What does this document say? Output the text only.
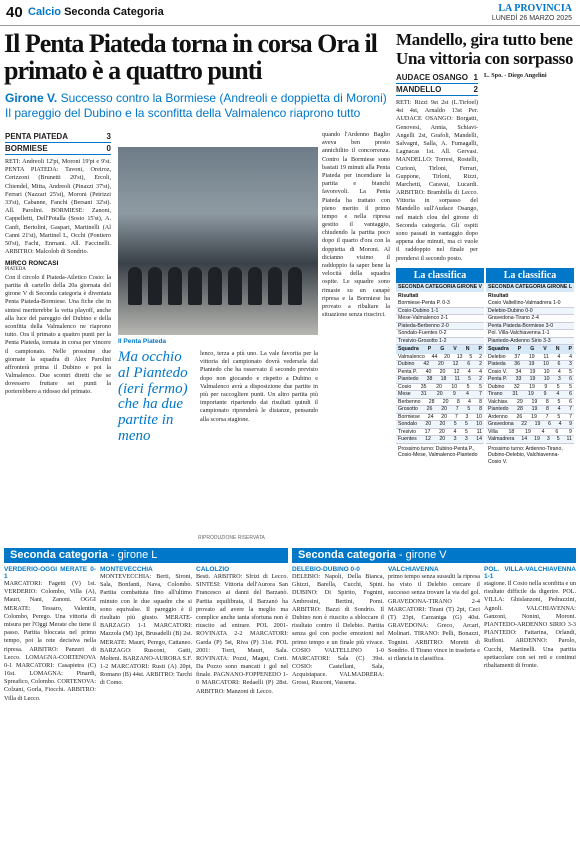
40 Calcio Seconda Categoria	LA PROVINCIA
LUNEDÌ 26 MARZO 2025
Il Penta Piateda torna in corsa Ora il primato è a quattro punti
Girone V. Successo contro la Bormiese (Andreoli e doppietta di Moroni) Il pareggio del Dubino e la sconfitta della Valmalenco riaprono tutto
PENTA PIATEDA	3
BORMIESE	0

RETI: Andreoli 12'pt, Moroni 19'pt e 9'st. PENTA PIATEDA: Tavoni, Oreiroz, Cerizzoni (Brunetti 20'st), Ercoli, Chiendel, Mitta, Andreoli (Pinazzi 37'st), Ferrari (Nazzari 25'st), Moroni (Petrizzi 33'st), Cabanne, Fanchi (Bersani 32'st). All. Parolini. BORMIESE: Zanoni, Cappelletti, Dell'Potalla (Sosio 15'st), A. Canfi, Bertolini, Gaspari, Martinelli (Al Canni 21'st), Martinel L, Occhi (Pontiero 50'st), Fachi, Enrnani. All. Faccinelli. ARBITRO: Malcolob di Sondrio.

MIRCO RONCASI

PIATEDA

Con il circolo il Piateda-Atletico Cosio: la partita di cartello della 20a giornata del girone V di Seconda categoria è diventata Penta Piateda-Bormiese. Una fiche che in sintesi meriterebbe la vetta playoff, anche alla luce del pareggio del Dubino e della sconfitta della Valmalenco ne riaprono tutto. Ora il primato a quattro punti per la Penta Piateda, tornata in corsa per vincere il campionato. Nelle prossime due giornate la squadra di Alex Parolini affronterà prima il Dubino e poi la Valmalenco. Due scontri diretti che se dovessero fruttare sei punti la porterebbero a ridosso del primato.

Il Penta Piateda
Ma occhio al Piantedo (ieri fermo) che ha due partite in meno
lenco, terza a più uno. La vale favorita per la vittoria del campionato dovrà vedersela dal Piantedo che ha osservato il secondo previsto dopo non giocando e rispetto a Dubino e Valmalenco avrà a disposizione due partite in più per raccogliere punti. Un altro partita più importante ripartendo dai risultati quindi il campionato riprenderà le distanze, pensando alla scorsa stagione.
RIPRODUZIONE RISERVATA
quando l'Ardenno Baglio aveva ben presto annichilito il concorrenza. Contro la Bormiese sono bastati 19 minuti alla Penta Piateda per incendiare la partita e bianchi favorevoli. La Penta Piateda ha trattato con pieno merito il primo tempo e nella ripresa gestito il vantaggio, chiudendo la partita poco dopo il quarto d'ora con la doppietta di Moroni. Al dicianno visimo il raddoppio fa saper bene la velocità della squadra ospite. Le squadre sono rimaste su un canapè ripresa e la Bormiese ha provato a ribaltare la situazione senza riuscirci.
Mandello, gira tutto bene Una vittoria con sorpasso
AUDACE OSANGO 1
MANDELLO	2

RETI: Rizzi 9st 2st (L.Tirfoel) 4st 4st, Arnaldo 13st Per. AUDACE OSANGO: Borgatti, Genovesi, Annia, Schiavi-Angelli 2st, Grafoli, Mandelli, Salvagni, Salla, A. Fumagalli, Lagnacas 1st. All. Gervasi. MANDELLO: Torresi, Rostelli, Curioni, Tirloni, Ferrari, Guppone, Tirloni, Rizzi, Marchetti, Caravai, Lucardi. ARBITRO: Brambilla di Lecco. Vittoria in sorpasso del Mandello sull'Audace Osango, nel match clou del girone di Seconda categoria. Gli ospiti sono passati in vantaggio dopo appena due minuti, ma ci vuole il raddoppio nel finale per prendersi il secondo posto.

L. Spo. - Diego Angelini

La classifica
SECONDA CATEGORIA GIRONE V
Risultati
Bormiese-Penta P. 0-3
Cosio-Dubino 1-1
Mese-Valmalenco 2-1
Piateda-Berbenno 2-0
Sondalo-Fuentes 0-2
Tresivio-Grosotto 1-2
Squadra P G V N P
Valmalenco 44 20 13 5 2
Dubino 42 20 12 6 2
Penta P. 40 20 12 4 4
Piantedo 38 18 11 5 2
Cosio 35 20 10 5 5
Mese 31 20 9 4 7
Berbenno 28 20 8 4 8
Grosotto 26 20 7 5 8
Bormiese 24 20 7 3 10
Sondalo 20 20 5 5 10
Tresivio 17 20 4 5 11
Fuentes 12 20 3 3 14
Prossimo turno: Dubino-Penta P., Cosio-Mese, Valmalenco-Piantedo
La classifica
SECONDA CATEGORIA GIRONE L
Risultati
Cosio Valtellino-Valmadrera 1-0
Delebio-Dubino 0-0
Gravedona-Tirano 2-4
Penta Piateda-Bormiese 3-0
Pol. Villa-Valchiavenna 1-1
Piantedo-Ardenno Sirio 3-3
Squadra P G V N P
Delebio 37 19 11 4 4
Piateda 36 19 10 6 3
Cosio V. 34 19 10 4 5
Penta P. 33 19 10 3 6
Dubino 32 19 9 5 5
Tirano 31 19 9 4 6
Valchiav. 29 19 8 5 6
Piantedo 28 19 8 4 7
Ardenno 26 19 7 5 7
Gravedona 22 19 6 4 9
Villa 18 19 4 6 9
Valmadrera 14 19 3 5 11
Prossimo turno: Ardenno-Tirano, Dubino-Delebio, Valchiavenna-Cosio V.
Seconda categoria - girone L	Seconda categoria - girone V
VERDERIO-OGGI MERATE 0-1

MARCATORI: Fagetti (V) 1st. VERDERIO: Colombo, Villa (A), Mauri, Nani, Zanoni. OGGI MERATE: Tessaro, Valentin, Colombo, Perego. Una vittoria di misura per l'Oggi Merate che tiene il passo. Partita bloccata nel primo tempo, poi la rete decisiva nella ripresa. ARBITRO: Panzeri di Lecco. LOMAGNA-CORTENOVA 0-1 MARCATORI: Casapietra (C) 16st. LOMAGNA: Pinardi, Spreafico, Colombo. CORTENOVA: Colzani, Gorla, Fiocchi. ARBITRO: Villa di Lecco.

MONTEVECCHIA

MONTEVECCHIA: Berti, Sironi, Sala, Bonfanti, Nava, Colombo. Partita combattuta fino all'ultimo minuto con le due squadre che si sono equivalse. Il pareggio è il risultato più giusto. MERATE-BARZAGO 1-1 MARCATORI: Mazzola (M) 1pt, Brusadelli (B) 2st. MERATE: Mauri, Perego, Cattaneo. BARZAGO: Rusconi, Gatti, Molteni. BARZANO-AURORA S.F. 1-2 MARCATORI: Rusti (A) 20pt, Romano (B) 44st. ARBITRO: Tarchi di Como.

CALOLZIO

Besti. ARBITRO: Sfrizi di Lecco. SINTESI: Vittoria dell'Aurora San Francesco ai danni del Barzanò. Partita equilibrata, il Barzanò ha provato ad avere la meglio ma complice anche tanta sfortuna non è riuscito ad entrare. POL 2001-ROVINATA 2-2 MARCATORI: Garda (P) 5st, Riva (P) 31st. POL 2001: Torri, Mauri, Sala. ROVINATA: Pozzi, Magni, Corti. Da Pozzo sono mancati i gol nel finale. PAGNANO-FOPPENEDO 1-0 MARCATORI: Redaelli (P) 28st. ARBITRO: Manzoni di Lecco.

DELEBIO-DUBINO 0-0

DELEBIO: Napoli, Della Bianca, Ghizzi, Barella, Cucchi, Spini. DUBINO: Di Spirito, Fognini, Ambrosini, Bertini, Pomi. ARBITRO: Bazzi di Sondrio. Il Dubino non è riuscito a sbloccare il risultato contro il Delebio. Partita senza gol con poche emozioni nel primo tempo e un finale più vivace. COSIO VALTELLINO 1-0 MARCATORI: Sala (C) 39st. COSIO: Castellani, Sala, Acquistapace. VALMADRERA: Grossi, Rusconi, Vassena.

VALCHIAVENNA

primo tempo senza sussulti la ripresa ha visto il Delebio cercare il successo senza trovare la via del gol. GRAVEDONA-TIRANO 2-4 MARCATORI: Tirani (T) 2pt, Ceci (T) 23pt, Carzaniga (G) 40st. GRAVEDONA: Greco, Arcari, Molinari. TIRANO: Pelli, Bonazzi, Tognini. ARBITRO: Moretti di Sondrio. Il Tirano vince in trasferta e si rilancia in classifica.

POL. VILLA-VALCHIAVENNA 1-1

stagione. Il Cosio nella sconfitta e un risultato difficile da digerire. POL. VILLA: Ghislanzoni, Pedrazzini, Agnoli. VALCHIAVENNA: Ganzoni, Nonini, Moroni. PIANTEDO-ARDENNO SIRIO 3-3 PIANTEDO: Fattarina, Orlandi, Ruffoni. ARDENNO: Parolo, Cucchi, Martinelli. Una partita spettacolare con sei reti e continui ribaltamenti di fronte.
